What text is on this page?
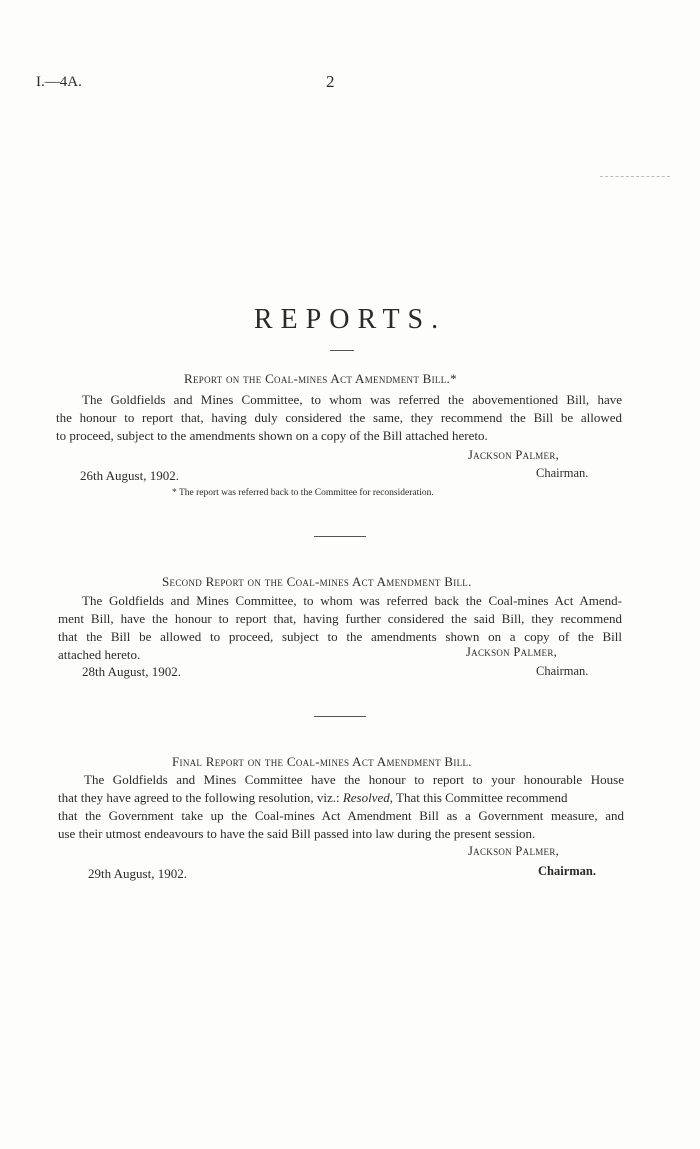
I.—4A.	2
REPORTS.
Report on the Coal-mines Act Amendment Bill.*
The Goldfields and Mines Committee, to whom was referred the abovementioned Bill, have
the honour to report that, having duly considered the same, they recommend the Bill be allowed
to proceed, subject to the amendments shown on a copy of the Bill attached hereto.
Jackson Palmer,
Chairman.
26th August, 1902.
* The report was referred back to the Committee for reconsideration.
Second Report on the Coal-mines Act Amendment Bill.
The Goldfields and Mines Committee, to whom was referred back the Coal-mines Act Amend-
ment Bill, have the honour to report that, having further considered the said Bill, they recommend
that the Bill be allowed to proceed, subject to the amendments shown on a copy of the Bill
attached hereto.	Jackson Palmer,
28th August, 1902.	Chairman.
Final Report on the Coal-mines Act Amendment Bill.
The Goldfields and Mines Committee have the honour to report to your honourable House
that they have agreed to the following resolution, viz.: Resolved, That this Committee recommend
that the Government take up the Coal-mines Act Amendment Bill as a Government measure, and
use their utmost endeavours to have the said Bill passed into law during the present session.
Jackson Palmer,
29th August, 1902.	Chairman.
